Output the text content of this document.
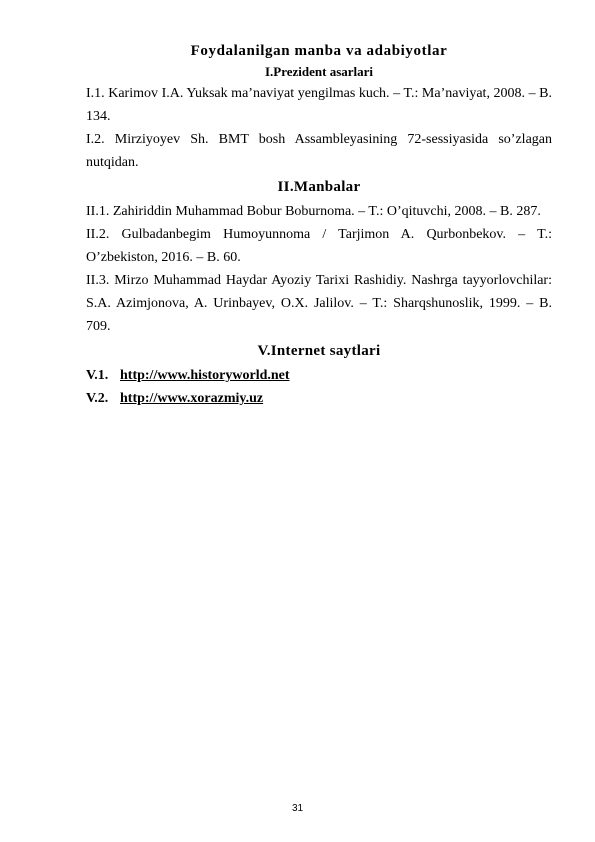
Foydalanilgan manba va adabiyotlar
I.Prezident asarlari

I.1. Karimov I.A. Yuksak ma’naviyat yengilmas kuch. – T.: Ma’naviyat, 2008. – B. 134.

I.2. Mirziyoyev Sh. BMT bosh Assambleyasining 72-sessiyasida so’zlagan nutqidan.

II.Manbalar

II.1. Zahiriddin Muhammad Bobur Boburnoma. – T.: O’qituvchi, 2008. – B. 287.

II.2. Gulbadanbegim Humoyunnoma / Tarjimon A. Qurbonbekov. – T.: O’zbekiston, 2016. – B. 60.

II.3. Mirzo Muhammad Haydar Ayoziy Tarixi Rashidiy. Nashrga tayyorlovchilar: S.A. Azimjonova, A. Urinbayev, O.X. Jalilov. – T.: Sharqshunoslik, 1999. – B. 709.

V.Internet saytlari
V.1. http://www.historyworld.net
V.2. http://www.xorazmiy.uz
31
